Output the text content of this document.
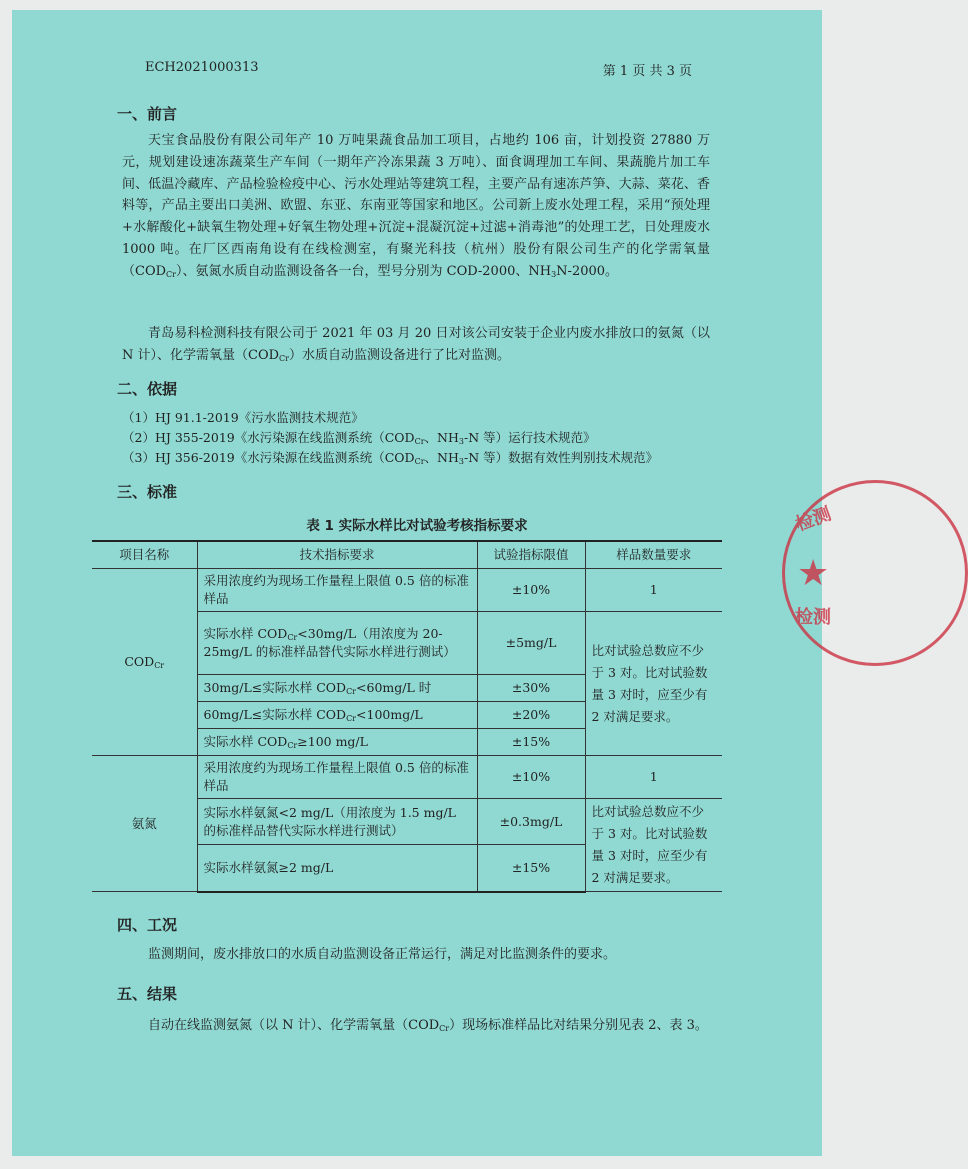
ECH2021000313	第 1 页 共 3 页
一、前言
天宝食品股份有限公司年产 10 万吨果蔬食品加工项目，占地约 106 亩，计划投资 27880 万元，规划建设速冻蔬菜生产车间（一期年产冷冻果蔬 3 万吨）、面食调理加工车间、果蔬脆片加工车间、低温冷藏库、产品检验检疫中心、污水处理站等建筑工程，主要产品有速冻芦笋、大蒜、菜花、香料等，产品主要出口美洲、欧盟、东亚、东南亚等国家和地区。公司新上废水处理工程，采用“预处理+水解酸化+缺氧生物处理+好氧生物处理+沉淀+混凝沉淀+过滤+消毒池”的处理工艺，日处理废水 1000 吨。在厂区西南角设有在线检测室，有聚光科技（杭州）股份有限公司生产的化学需氧量$(COD_{Cr})$、氨氮水质自动监测设备各一台，型号分别为 COD-2000、$NH_3N-2000$。
青岛易科检测科技有限公司于 2021 年 03 月 20 日对该公司安装于企业内废水排放口的氨氮（以 N 计）、化学需氧量$(COD_{Cr})$水质自动监测设备进行了比对监测。
二、依据
（1）HJ 91.1-2019《污水监测技术规范》
（2）HJ 355-2019《水污染源在线监测系统（$COD_{Cr}$、$NH_3-N$ 等）运行技术规范》
（3）HJ 356-2019《水污染源在线监测系统（$COD_{Cr}$、$NH_3-N$ 等）数据有效性判别技术规范》
三、标准
表 1 实际水样比对试验考核指标要求
项目名称	技术指标要求	试验指标限值	样品数量要求
$COD_{Cr}$	采用浓度约为现场工作量程上限值 0.5 倍的标准样品	±10%	1
	实际水样 $COD_{Cr}<30mg/L$（用浓度为 20-25mg/L 的标准样品替代实际水样进行测试）	±5mg/L	比对试验总数应不少于 3 对。比对试验数量 3 对时，应至少有 2 对满足要求。
	30mg/L≤实际水样 $COD_{Cr}<60mg/L$ 时	±30%	
	60mg/L≤实际水样 $COD_{Cr}<100mg/L$	±20%	
	实际水样 $COD_{Cr}\ge 100$ mg/L	±15%	
氨氮	采用浓度约为现场工作量程上限值 0.5 倍的标准样品	±10%	1
	实际水样氨氮<2 mg/L（用浓度为 1.5 mg/L 的标准样品替代实际水样进行测试）	±0.3mg/L	比对试验总数应不少于 3 对。比对试验数量 3 对时，应至少有 2 对满足要求。
	实际水样氨氮≥2 mg/L	±15%	
四、工况
监测期间，废水排放口的水质自动监测设备正常运行，满足对比监测条件的要求。
五、结果
自动在线监测氨氮（以 N 计）、化学需氧量$(COD_{Cr})$现场标准样品比对结果分别见表 2、表 3。
检测
★
检测
